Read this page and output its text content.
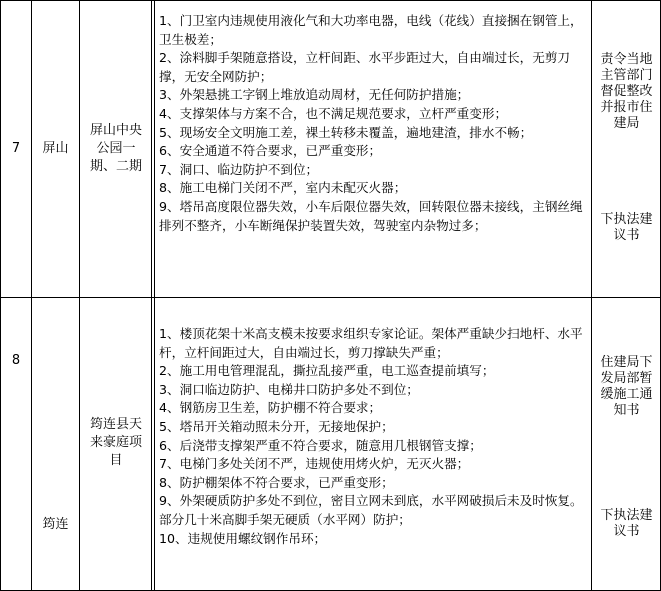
7	屏山
屏山中央公园一期、二期
1、门卫室内违规使用液化气和大功率电器，电线（花线）直接捆在钢管上，卫生极差；
2、涂料脚手架随意搭设，立杆间距、水平步距过大，自由端过长，无剪刀撑，无安全网防护；
3、外架悬挑工字钢上堆放追动周材，无任何防护措施；
4、支撑架体与方案不合，也不满足规范要求，立杆严重变形；
5、现场安全文明施工差，裸土转移未覆盖，遍地建渣，排水不畅；
6、安全通道不符合要求，已严重变形；
7、洞口、临边防护不到位；
8、施工电梯门关闭不严，室内未配灭火器；
9、塔吊高度限位器失效，小车后限位器失效，回转限位器未接线，主钢丝绳排列不整齐，小车断绳保护装置失效，驾驶室内杂物过多；
责令当地主管部门督促整改并报市住建局
下执法建议书
8
筠连
筠连县天来豪庭项目
1、楼顶花架十米高支模未按要求组织专家论证。架体严重缺少扫地杆、水平杆，立杆间距过大，自由端过长，剪刀撑缺失严重；
2、施工用电管理混乱，撕拉乱接严重，电工巡查提前填写；
3、洞口临边防护、电梯井口防护多处不到位；
4、钢筋房卫生差，防护棚不符合要求；
5、塔吊开关箱动照未分开，无接地保护；
6、后浇带支撑架严重不符合要求，随意用几根钢管支撑；
7、电梯门多处关闭不严，违规使用烤火炉，无灭火器；
8、防护棚架体不符合要求，已严重变形；
9、外架硬质防护多处不到位，密目立网未到底，水平网破损后未及时恢复。部分几十米高脚手架无硬质（水平网）防护；
10、违规使用螺纹钢作吊环；
住建局下发局部暂缓施工通知书
下执法建议书
